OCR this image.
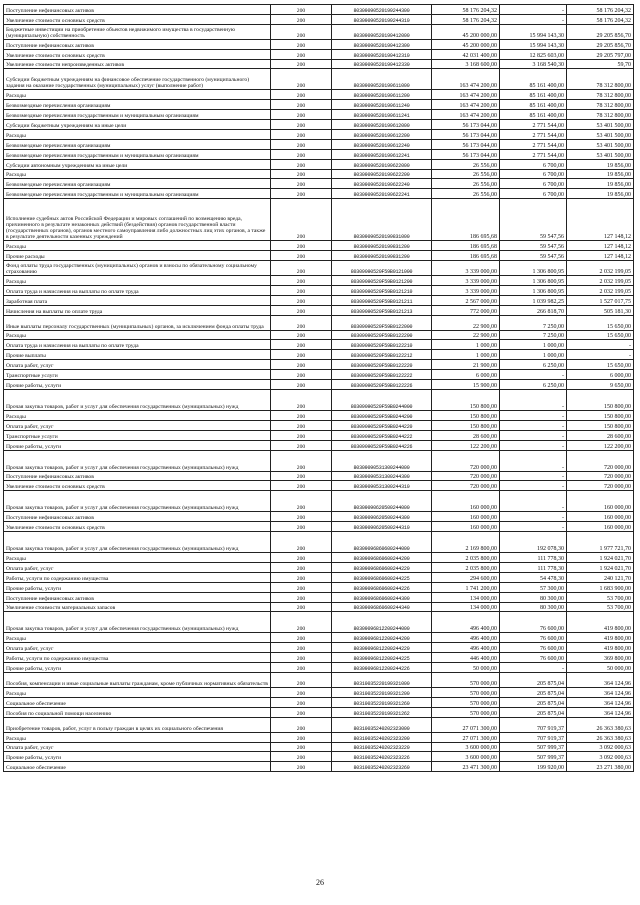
Поступление нефинансовых активов	200	80309090520199244300	58 176 204,32	-	58 176 204,32
Увеличение стоимости основных средств	200	80309090520199244310	58 176 204,32	-	58 176 204,32
Бюджетные инвестиции на приобретение объектов недвижимого имущества в государственную (муниципальную) собственность	200	80309090520199412000	45 200 000,00	15 994 143,30	29 205 856,70
Поступление нефинансовых активов	200	80309090520199412300	45 200 000,00	15 994 143,30	29 205 856,70
Увеличение стоимости основных средств	200	80309090520199412310	42 031 400,00	12 825 603,00	29 205 797,00
Увеличение стоимости непроизведенных активов	200	80309090520199412330	3 168 600,00	3 168 540,30	59,70
Субсидии бюджетным учреждениям на финансовое обеспечение государственного (муниципального) задания на оказание государственных (муниципальных) услуг (выполнение работ)	200	80309090520199611000	163 474 200,00	85 161 400,00	78 312 800,00
Расходы	200	80309090520199611200	163 474 200,00	85 161 400,00	78 312 800,00
Безвозмездные перечисления организациям	200	80309090520199611240	163 474 200,00	85 161 400,00	78 312 800,00
Безвозмездные перечисления государственным и муниципальным организациям	200	80309090520199611241	163 474 200,00	85 161 400,00	78 312 800,00
Субсидии бюджетным учреждениям на иные цели	200	80309090520199612000	56 173 044,00	2 771 544,00	53 401 500,00
Расходы	200	80309090520199612200	56 173 044,00	2 771 544,00	53 401 500,00
Безвозмездные перечисления организациям	200	80309090520199612240	56 173 044,00	2 771 544,00	53 401 500,00
Безвозмездные перечисления государственным и муниципальным организациям	200	80309090520199612241	56 173 044,00	2 771 544,00	53 401 500,00
Субсидии автономным учреждениям на иные цели	200	80309090520199622000	26 556,00	6 700,00	19 856,00
Расходы	200	80309090520199622200	26 556,00	6 700,00	19 856,00
Безвозмездные перечисления организациям	200	80309090520199622240	26 556,00	6 700,00	19 856,00
Безвозмездные перечисления государственным и муниципальным организациям	200	80309090520199622241	26 556,00	6 700,00	19 856,00
Исполнение судебных актов Российской Федерации и мировых соглашений по возмещению вреда, причиненного в результате незаконных действий (бездействия) органов государственной власти (государственных органов), органов местного самоуправления либо должностных лиц этих органов, а также в результате деятельности казенных учреждений	200	80309090520199831000	186 695,68	59 547,56	127 148,12
Расходы	200	80309090520199831200	186 695,68	59 547,56	127 148,12
Прочие расходы	200	80309090520199831290	186 695,68	59 547,56	127 148,12
Фонд оплаты труда государственных (муниципальных) органов и взносы по обязательному социальному страхованию	200	80309090520F59B0121000	3 339 000,00	1 306 800,95	2 032 199,05
Расходы	200	80309090520F59B0121200	3 339 000,00	1 306 800,95	2 032 199,05
Оплата труда и начисления на выплаты по оплате труда	200	80309090520F59B0121210	3 339 000,00	1 306 800,95	2 032 199,05
Заработная плата	200	80309090520F59B0121211	2 567 000,00	1 039 982,25	1 527 017,75
Начисления на выплаты по оплате труда	200	80309090520F59B0121213	772 000,00	266 818,70	505 181,30
Иные выплаты персоналу государственных (муниципальных) органов, за исключением фонда оплаты труда	200	80309090520F59B0122000	22 900,00	7 250,00	15 650,00
Расходы	200	80309090520F59B0122200	22 900,00	7 250,00	15 650,00
Оплата труда и начисления на выплаты по оплате труда	200	80309090520F59B0122210	1 000,00	1 000,00	-
Прочие выплаты	200	80309090520F59B0122212	1 000,00	1 000,00	-
Оплата работ, услуг	200	80309090520F59B0122220	21 900,00	6 250,00	15 650,00
Транспортные услуги	200	80309090520F59B0122222	6 000,00	-	6 000,00
Прочие работы, услуги	200	80309090520F59B0122226	15 900,00	6 250,00	9 650,00
Прочая закупка товаров, работ и услуг для обеспечения государственных (муниципальных) нужд	200	80309090520F59B0244000	150 800,00	-	150 800,00
Расходы	200	80309090520F59B0244200	150 800,00	-	150 800,00
Оплата работ, услуг	200	80309090520F59B0244220	150 800,00	-	150 800,00
Транспортные услуги	200	80309090520F59B0244222	28 600,00	-	28 600,00
Прочие работы, услуги	200	80309090520F59B0244226	122 200,00	-	122 200,00
Прочая закупка товаров, работ и услуг для обеспечения государственных (муниципальных) нужд	200	80309090531300244000	720 000,00	-	720 000,00
Поступление нефинансовых активов	200	80309090531300244300	720 000,00	-	720 000,00
Увеличение стоимости основных средств	200	80309090531300244310	720 000,00	-	720 000,00
Прочая закупка товаров, работ и услуг для обеспечения государственных (муниципальных) нужд	200	80309090620500244000	160 000,00	-	160 000,00
Поступление нефинансовых активов	200	80309090620500244300	160 000,00	-	160 000,00
Увеличение стоимости основных средств	200	80309090620500244310	160 000,00	-	160 000,00
Прочая закупка товаров, работ и услуг для обеспечения государственных (муниципальных) нужд	200	80309096860600244000	2 169 800,00	192 078,30	1 977 721,70
Расходы	200	80309096860600244200	2 035 800,00	111 778,30	1 924 021,70
Оплата работ, услуг	200	80309096860600244220	2 035 800,00	111 778,30	1 924 021,70
Работы, услуги по содержанию имущества	200	80309096860600244225	294 600,00	54 478,30	240 121,70
Прочие работы, услуги	200	80309096860600244226	1 741 200,00	57 300,00	1 683 900,00
Поступление нефинансовых активов	200	80309096860600244300	134 000,00	80 300,00	53 700,00
Увеличение стоимости материальных запасов	200	80309096860600244340	134 000,00	80 300,00	53 700,00
Прочая закупка товаров, работ и услуг для обеспечения государственных (муниципальных) нужд	200	80309096812200244000	496 400,00	76 600,00	419 800,00
Расходы	200	80309096812200244200	496 400,00	76 600,00	419 800,00
Оплата работ, услуг	200	80309096812200244220	496 400,00	76 600,00	419 800,00
Работы, услуги по содержанию имущества	200	80309096812200244225	446 400,00	76 600,00	369 800,00
Прочие работы, услуги	200	80309096812200244226	50 000,00	-	50 000,00
Пособия, компенсации и иные социальные выплаты гражданам, кроме публичных нормативных обязательств	200	80310035220199321000	570 000,00	205 875,04	364 124,96
Расходы	200	80310035220199321200	570 000,00	205 875,04	364 124,96
Социальное обеспечение	200	80310035220199321260	570 000,00	205 875,04	364 124,96
Пособия по социальной помощи населению	200	80310035220199321262	570 000,00	205 875,04	364 124,96
Приобретение товаров, работ, услуг в пользу граждан в целях их социального обеспечения	200	80310035240202323000	27 071 300,00	707 919,37	26 363 380,63
Расходы	200	80310035240202323200	27 071 300,00	707 919,37	26 363 380,63
Оплата работ, услуг	200	80310035240202323220	3 600 000,00	507 999,37	3 092 000,63
Прочие работы, услуги	200	80310035240202323226	3 600 000,00	507 999,37	3 092 000,63
Социальное обеспечение	200	80310035240202323260	23 471 300,00	199 920,00	23 271 380,00
26
